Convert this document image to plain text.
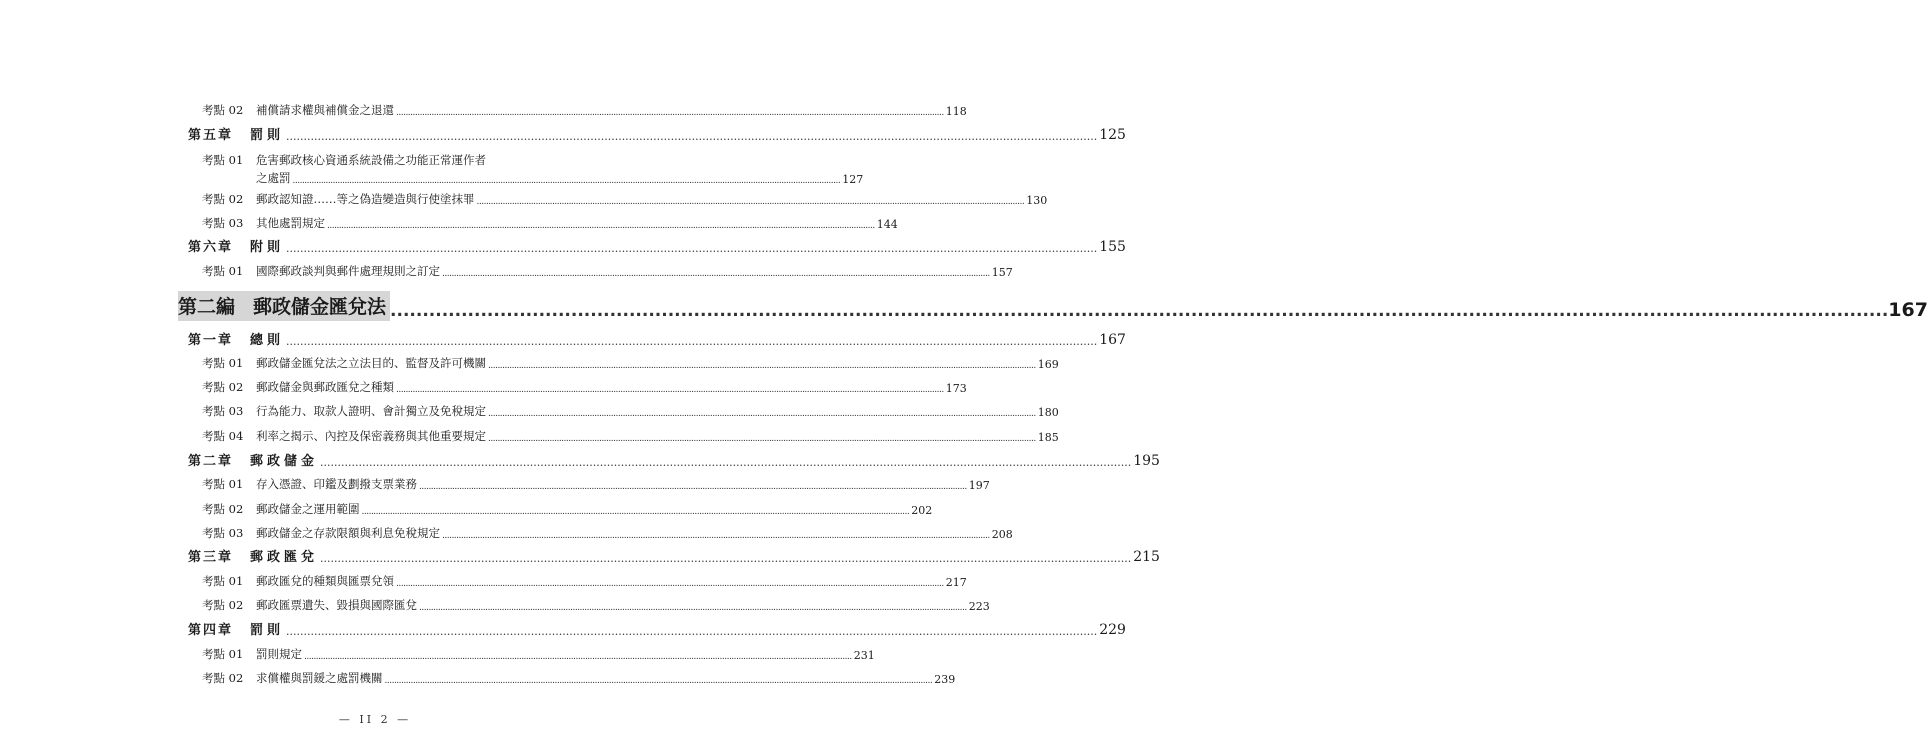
考點 02	補償請求權與補償金之退還 .....	118
第五章	罰則 .....	125
考點 01	危害郵政核心資通系統設備之功能正常運作者
之處罰 .....	127
考點 02	郵政認知證……等之偽造變造與行使塗抹罪 .....	130
考點 03	其他處罰規定 .....	144
第六章	附則 .....	155
考點 01	國際郵政談判與郵件處理規則之訂定 .....	157
第二編 郵政儲金匯兌法 .....	167
第一章	總則 .....	167
考點 01	郵政儲金匯兌法之立法目的、監督及許可機關 .....	169
考點 02	郵政儲金與郵政匯兌之種類 .....	173
考點 03	行為能力、取款人證明、會計獨立及免稅規定 .....	180
考點 04	利率之揭示、內控及保密義務與其他重要規定 .....	185
第二章	郵政儲金 .....	195
考點 01	存入憑證、印鑑及劃撥支票業務 .....	197
考點 02	郵政儲金之運用範圍 .....	202
考點 03	郵政儲金之存款限額與利息免稅規定 .....	208
第三章	郵政匯兌 .....	215
考點 01	郵政匯兌的種類與匯票兌領 .....	217
考點 02	郵政匯票遺失、毀損與國際匯兌 .....	223
第四章	罰則 .....	229
考點 01	罰則規定 .....	231
考點 02	求償權與罰鍰之處罰機關 .....	239
— II 2 —
